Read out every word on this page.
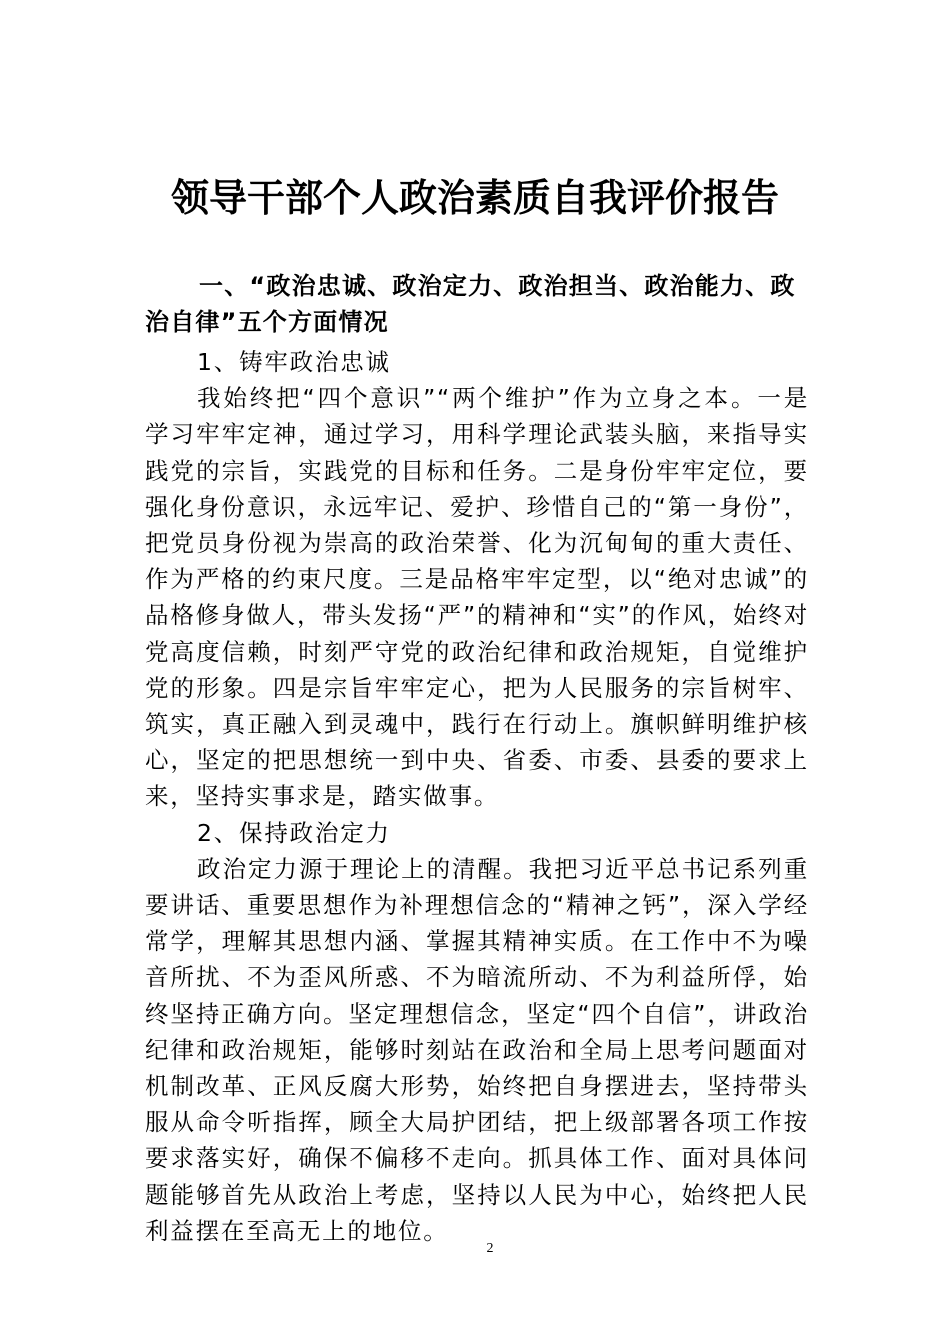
领导干部个人政治素质自我评价报告

一、“政治忠诚、政治定力、政治担当、政治能力、政治自律”五个方面情况

1、铸牢政治忠诚

我始终把“四个意识”“两个维护”作为立身之本。一是学习牢牢定神，通过学习，用科学理论武装头脑，来指导实践党的宗旨，实践党的目标和任务。二是身份牢牢定位，要强化身份意识，永远牢记、爱护、珍惜自己的“第一身份”，把党员身份视为崇高的政治荣誉、化为沉甸甸的重大责任、作为严格的约束尺度。三是品格牢牢定型，以“绝对忠诚”的品格修身做人，带头发扬“严”的精神和“实”的作风，始终对党高度信赖，时刻严守党的政治纪律和政治规矩，自觉维护党的形象。四是宗旨牢牢定心，把为人民服务的宗旨树牢、筑实，真正融入到灵魂中，践行在行动上。旗帜鲜明维护核心，坚定的把思想统一到中央、省委、市委、县委的要求上来，坚持实事求是，踏实做事。

2、保持政治定力

政治定力源于理论上的清醒。我把习近平总书记系列重要讲话、重要思想作为补理想信念的“精神之钙”，深入学经常学，理解其思想内涵、掌握其精神实质。在工作中不为噪音所扰、不为歪风所惑、不为暗流所动、不为利益所俘，始终坚持正确方向。坚定理想信念，坚定“四个自信”，讲政治纪律和政治规矩，能够时刻站在政治和全局上思考问题面对机制改革、正风反腐大形势，始终把自身摆进去，坚持带头服从命令听指挥，顾全大局护团结，把上级部署各项工作按要求落实好，确保不偏移不走向。抓具体工作、面对具体问题能够首先从政治上考虑，坚持以人民为中心，始终把人民利益摆在至高无上的地位。

2
